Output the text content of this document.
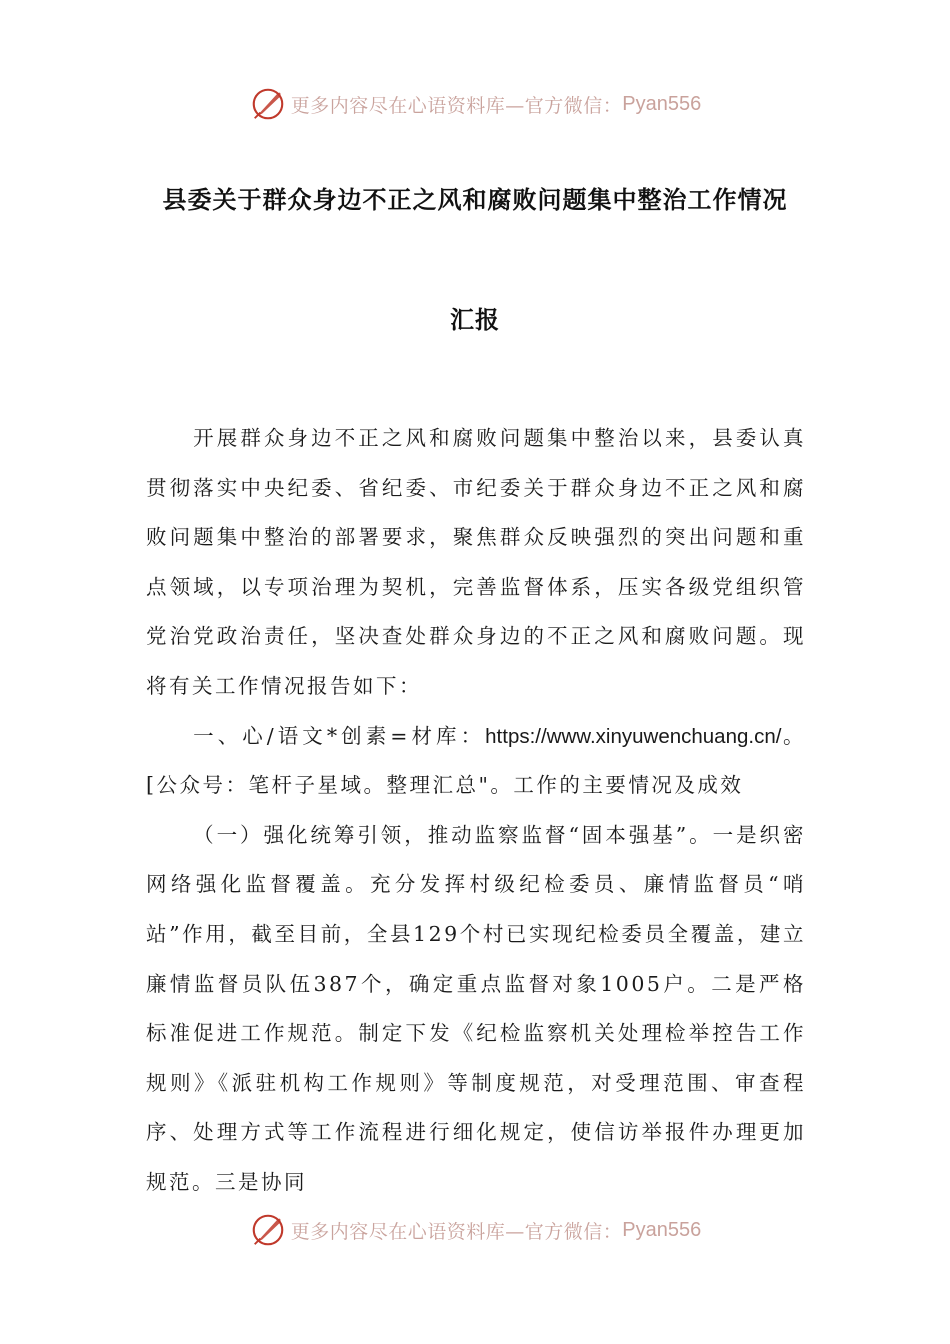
更多内容尽在心语资料库—官方微信： Pyan556
县委关于群众身边不正之风和腐败问题集中整治工作情况
汇报

开展群众身边不正之风和腐败问题集中整治以来，县委认真贯彻落实中央纪委、省纪委、市纪委关于群众身边不正之风和腐败问题集中整治的部署要求，聚焦群众反映强烈的突出问题和重点领域，以专项治理为契机，完善监督体系，压实各级党组织管党治党政治责任，坚决查处群众身边的不正之风和腐败问题。现将有关工作情况报告如下：

一、心/语文*创素=材库：https://www.xinyuwenchuang.cn/。[公众号：笔杆子星域。整理汇总"。工作的主要情况及成效

（一）强化统筹引领，推动监察监督“固本强基”。一是织密网络强化监督覆盖。充分发挥村级纪检委员、廉情监督员“哨站”作用，截至目前，全县129个村已实现纪检委员全覆盖，建立廉情监督员队伍387个，确定重点监督对象1005户。二是严格标准促进工作规范。制定下发《纪检监察机关处理检举控告工作规则》《派驻机构工作规则》等制度规范，对受理范围、审查程序、处理方式等工作流程进行细化规定，使信访举报件办理更加规范。三是协同

更多内容尽在心语资料库—官方微信： Pyan556
